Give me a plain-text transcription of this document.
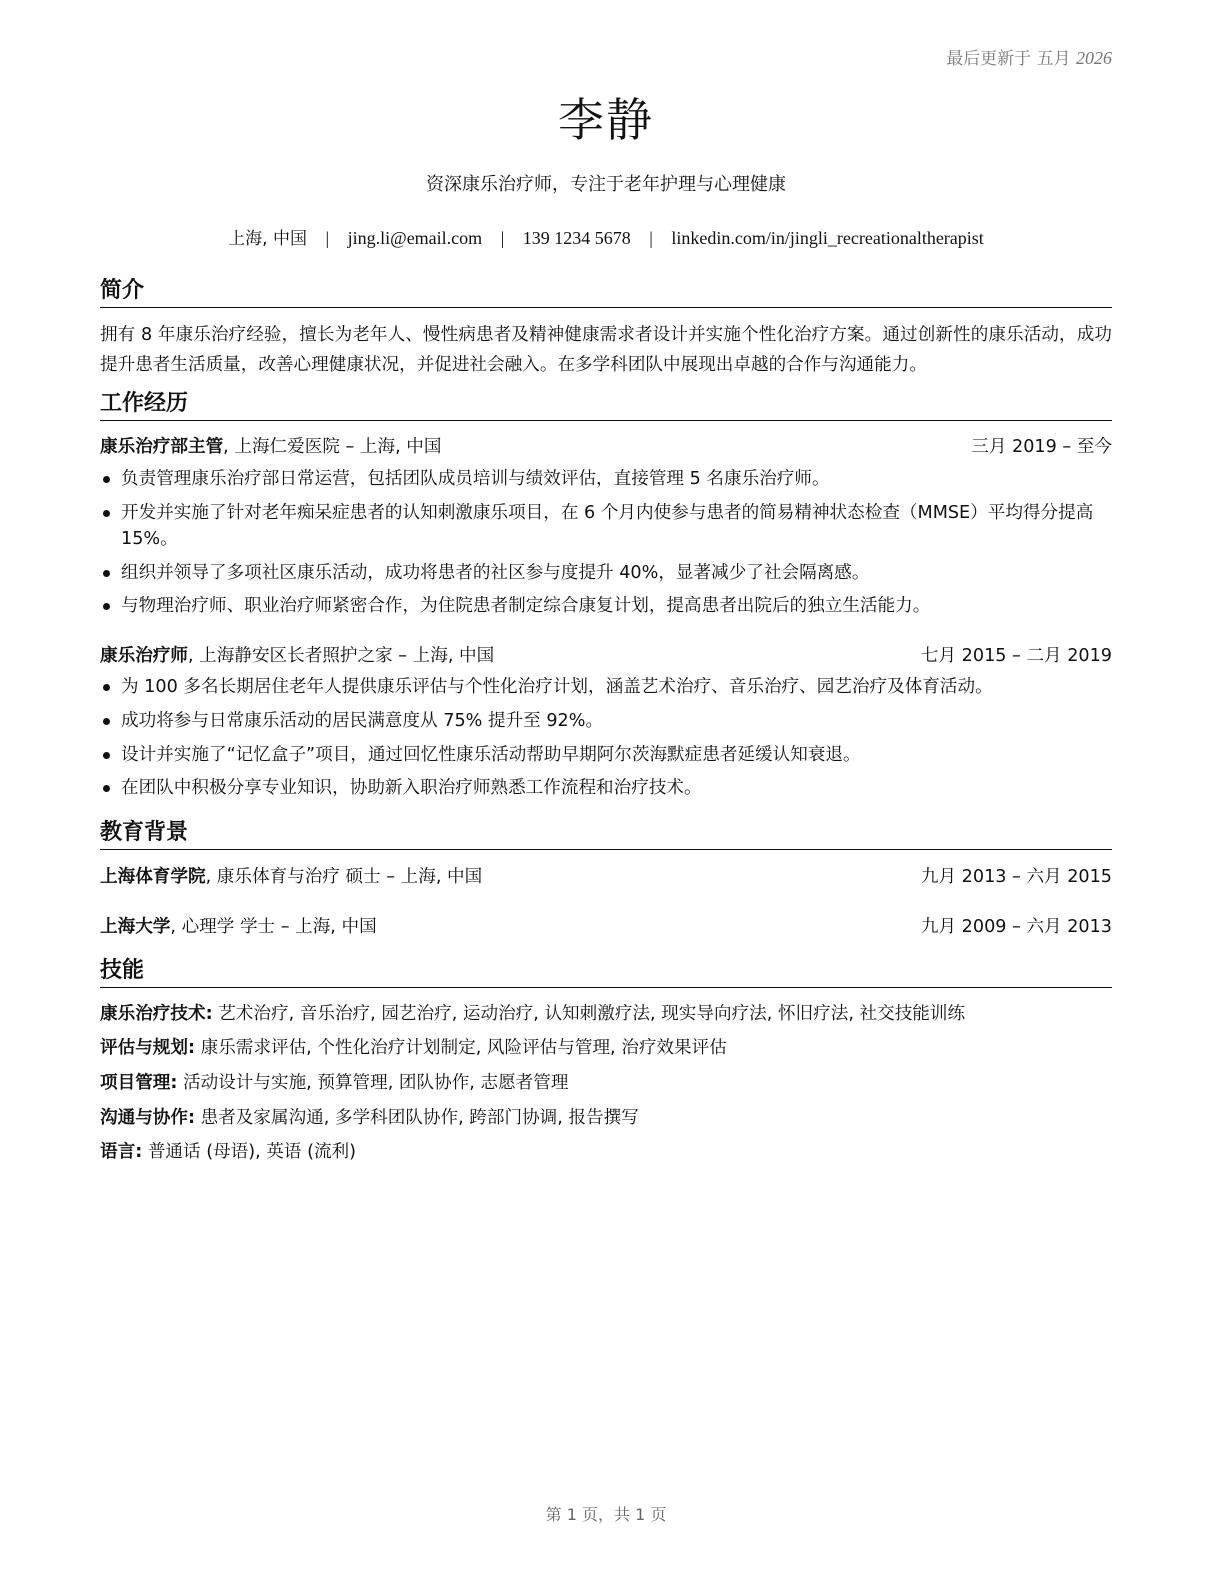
最后更新于 五月 2026
李静
资深康乐治疗师，专注于老年护理与心理健康
上海, 中国 | jing.li@email.com | 139 1234 5678 | linkedin.com/in/jingli_recreationaltherapist
简介
拥有 8 年康乐治疗经验，擅长为老年人、慢性病患者及精神健康需求者设计并实施个性化治疗方案。通过创新性的康乐活动，成功提升患者生活质量，改善心理健康状况，并促进社会融入。在多学科团队中展现出卓越的合作与沟通能力。
工作经历
康乐治疗部主管, 上海仁爱医院 – 上海, 中国	三月 2019 – 至今
负责管理康乐治疗部日常运营，包括团队成员培训与绩效评估，直接管理 5 名康乐治疗师。
开发并实施了针对老年痴呆症患者的认知刺激康乐项目，在 6 个月内使参与患者的简易精神状态检查（MMSE）平均得分提高 15%。
组织并领导了多项社区康乐活动，成功将患者的社区参与度提升 40%，显著减少了社会隔离感。
与物理治疗师、职业治疗师紧密合作，为住院患者制定综合康复计划，提高患者出院后的独立生活能力。
康乐治疗师, 上海静安区长者照护之家 – 上海, 中国	七月 2015 – 二月 2019
为 100 多名长期居住老年人提供康乐评估与个性化治疗计划，涵盖艺术治疗、音乐治疗、园艺治疗及体育活动。
成功将参与日常康乐活动的居民满意度从 75% 提升至 92%。
设计并实施了“记忆盒子”项目，通过回忆性康乐活动帮助早期阿尔茨海默症患者延缓认知衰退。
在团队中积极分享专业知识，协助新入职治疗师熟悉工作流程和治疗技术。
教育背景
上海体育学院, 康乐体育与治疗 硕士 – 上海, 中国	九月 2013 – 六月 2015
上海大学, 心理学 学士 – 上海, 中国	九月 2009 – 六月 2013
技能
康乐治疗技术: 艺术治疗, 音乐治疗, 园艺治疗, 运动治疗, 认知刺激疗法, 现实导向疗法, 怀旧疗法, 社交技能训练
评估与规划: 康乐需求评估, 个性化治疗计划制定, 风险评估与管理, 治疗效果评估
项目管理: 活动设计与实施, 预算管理, 团队协作, 志愿者管理
沟通与协作: 患者及家属沟通, 多学科团队协作, 跨部门协调, 报告撰写
语言: 普通话 (母语), 英语 (流利)
第 1 页，共 1 页
